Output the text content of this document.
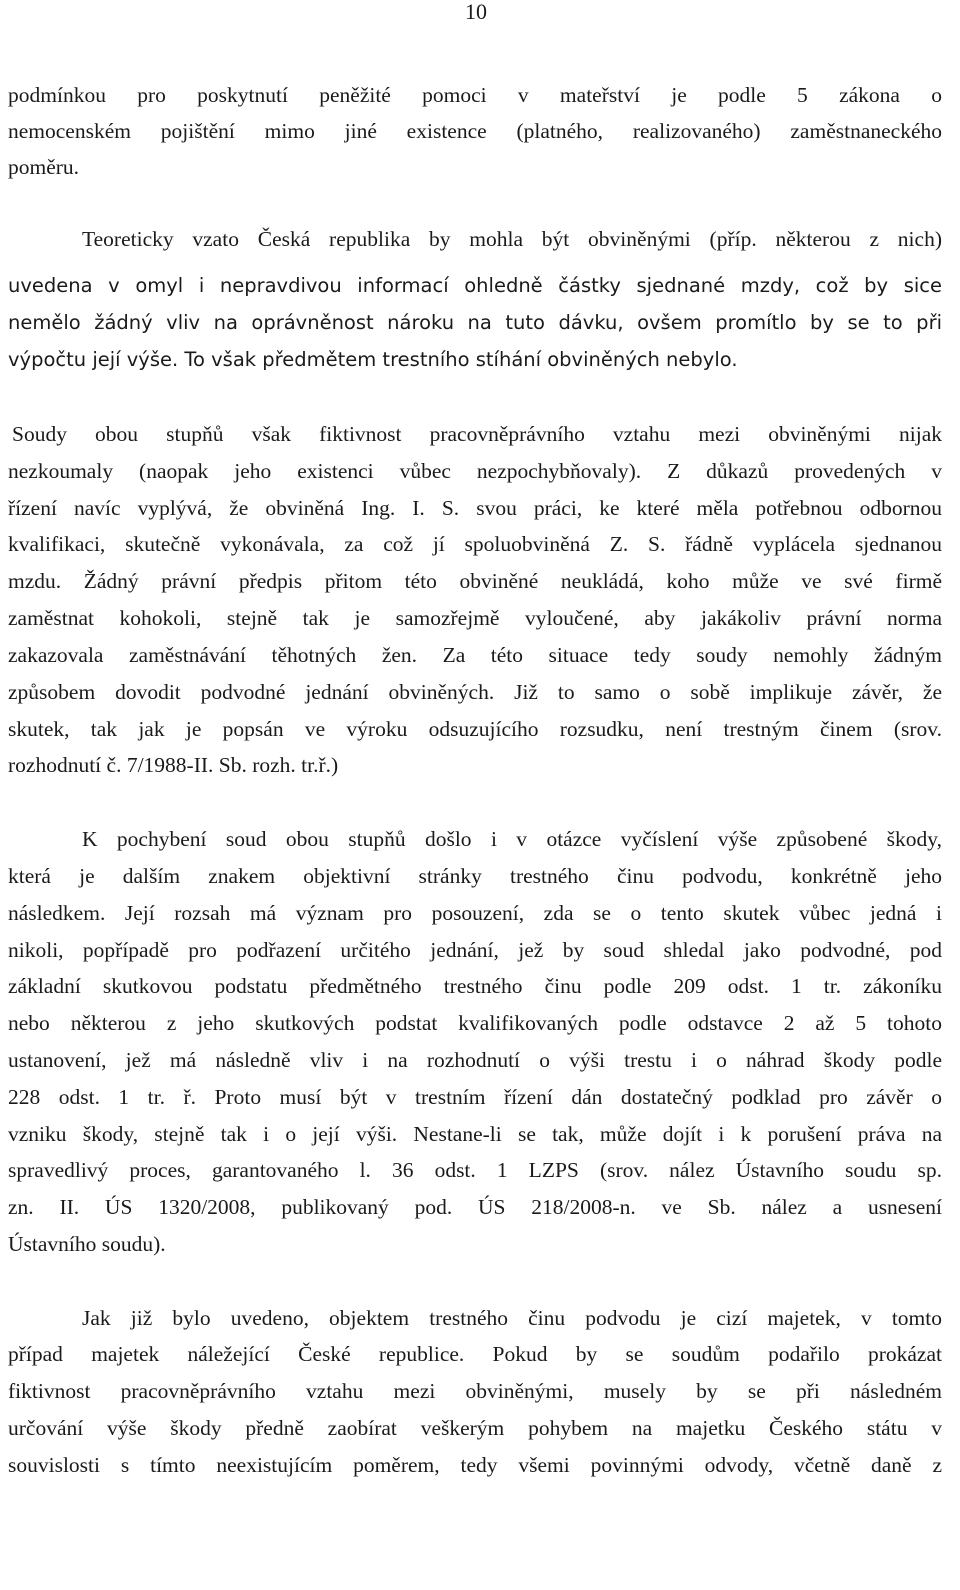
10
podmínkou pro poskytnutí peněžité pomoci v mateřství je podle 5 zákona o
nemocenském pojištění mimo jiné existence (platného, realizovaného) zaměstnaneckého
poměru.
Teoreticky vzato Česká republika by mohla být obviněnými (příp. některou z nich)
uvedena v omyl i nepravdivou informací ohledně částky sjednané mzdy, což by sice
nemělo žádný vliv na oprávněnost nároku na tuto dávku, ovšem promítlo by se to při
výpočtu její výše. To však předmětem trestního stíhání obviněných nebylo.
Soudy obou stupňů však fiktivnost pracovněprávního vztahu mezi obviněnými nijak
nezkoumaly (naopak jeho existenci vůbec nezpochybňovaly). Z důkazů provedených v
řízení navíc vyplývá, že obviněná Ing. I. S. svou práci, ke které měla potřebnou odbornou
kvalifikaci, skutečně vykonávala, za což jí spoluobviněná Z. S. řádně vyplácela sjednanou
mzdu. Žádný právní předpis přitom této obviněné neukládá, koho může ve své firmě
zaměstnat kohokoli, stejně tak je samozřejmě vyloučené, aby jakákoliv právní norma
zakazovala zaměstnávání těhotných žen. Za této situace tedy soudy nemohly žádným
způsobem dovodit podvodné jednání obviněných. Již to samo o sobě implikuje závěr, že
skutek, tak jak je popsán ve výroku odsuzujícího rozsudku, není trestným činem (srov.
rozhodnutí č. 7/1988-II. Sb. rozh. tr.ř.)
K pochybení soud obou stupňů došlo i v otázce vyčíslení výše způsobené škody,
která je dalším znakem objektivní stránky trestného činu podvodu, konkrétně jeho
následkem. Její rozsah má význam pro posouzení, zda se o tento skutek vůbec jedná i
nikoli, popřípadě pro podřazení určitého jednání, jež by soud shledal jako podvodné, pod
základní skutkovou podstatu předmětného trestného činu podle 209 odst. 1 tr. zákoníku
nebo některou z jeho skutkových podstat kvalifikovaných podle odstavce 2 až 5 tohoto
ustanovení, jež má následně vliv i na rozhodnutí o výši trestu i o náhrad škody podle
228 odst. 1 tr. ř. Proto musí být v trestním řízení dán dostatečný podklad pro závěr o
vzniku škody, stejně tak i o její výši. Nestane-li se tak, může dojít i k porušení práva na
spravedlivý proces, garantovaného l. 36 odst. 1 LZPS (srov. nález Ústavního soudu sp.
zn. II. ÚS 1320/2008, publikovaný pod. ÚS 218/2008-n. ve Sb. nález a usnesení
Ústavního soudu).
Jak již bylo uvedeno, objektem trestného činu podvodu je cizí majetek, v tomto
případ majetek náležející České republice. Pokud by se soudům podařilo prokázat
fiktivnost pracovněprávního vztahu mezi obviněnými, musely by se při následném
určování výše škody předně zaobírat veškerým pohybem na majetku Českého státu v
souvislosti s tímto neexistujícím poměrem, tedy všemi povinnými odvody, včetně daně z
